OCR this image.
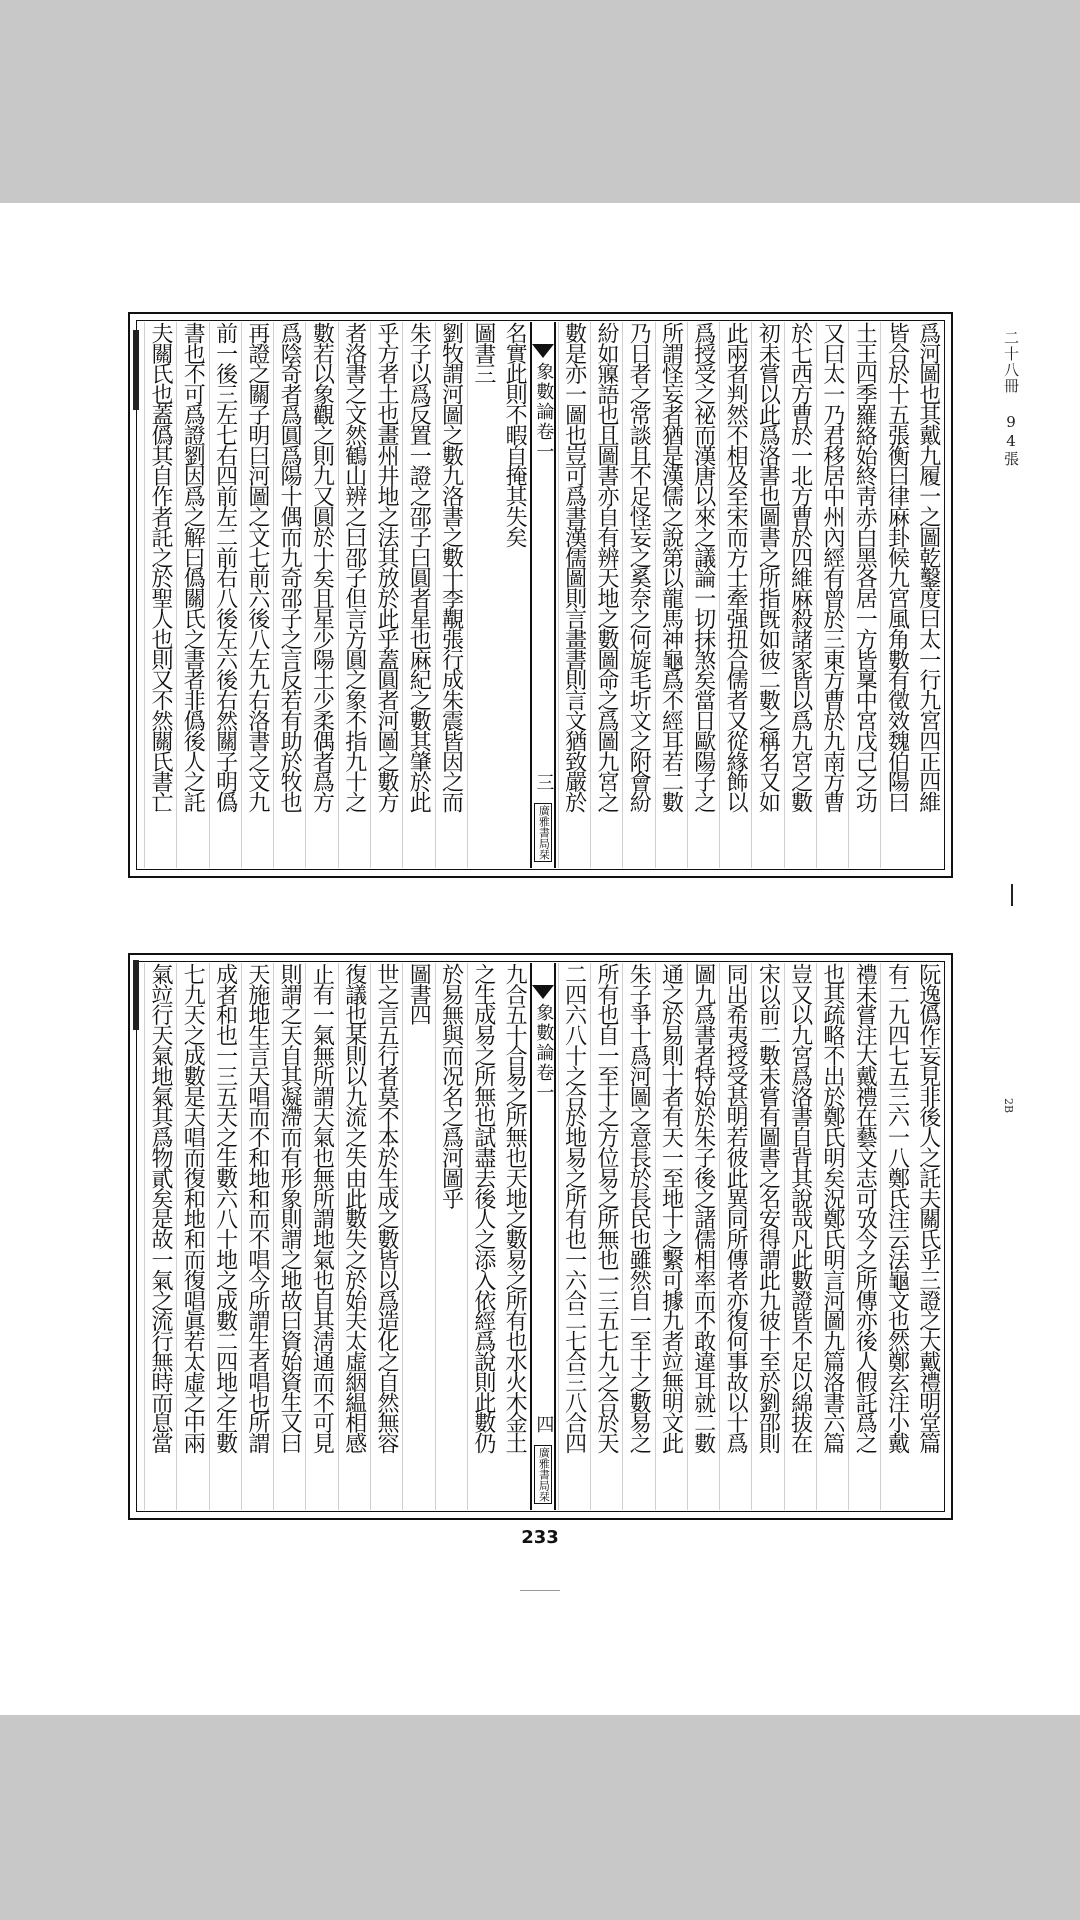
二十八冊 94張
2B
爲河圖也其戴九履一之圖乾鑿度曰太一行九宮四正四維
皆合於十五張衡曰律麻卦候九宮風角數有徵效魏伯陽曰
土王四季羅絡始終靑赤白黑各居一方皆稟中宮戊己之功
又曰太一乃君移居中州內經有曾於三東方曹於九南方曹
於七西方曹於一北方曹於四維麻殺諸家皆以爲九宮之數
初未嘗以此爲洛書也圖書之所指旣如彼二數之稱名又如
此兩者判然不相及至宋而方士牽强扭合儒者又從緣飾以
爲授受之祕而漢唐以來之議論一切抹煞矣當日歐陽子之
所謂怪妄者猶是漢儒之說第以龍馬神龜爲不經耳若二數
乃日者之常談且不足怪妄之奚奈之何旋毛圻文之附會紛
紛如寱語也且圖書亦自有辨天地之數圖命之爲圖九宮之
數是亦一圖也豈可爲書漢儒圖則言畫書則言文猶致嚴於
象數論卷一
三
廣雅書局栞
名實此則不暇自掩其失矣
圖書三
劉牧謂河圖之數九洛書之數十李覯張行成朱震皆因之而
朱子以爲反置一證之邵子曰圓者星也麻紀之數其肇於此
乎方者土也畫州井地之法其放於此乎蓋圓者河圖之數方
者洛書之文然鶴山辨之曰邵子但言方圓之象不指九十之
數若以象觀之則九又圓於十矣且星少陽土少柔偶者爲方
爲陰奇者爲圓爲陽十偶而九奇邵子之言反若有助於牧也
再證之關子明曰河圖之文七前六後八左九右洛書之文九
前一後三左七右四前左二前右八後左六後右然關子明僞
書也不可爲證劉因爲之解曰僞關氏之書者非僞後人之託
夫關氏也蓋僞其自作者託之於聖人也則又不然關氏書亡
阮逸僞作妄見非後人之託夫關氏乎三證之大戴禮明堂篇
有二九四七五三六一八鄭氏注云法龜文也然鄭玄注小戴
禮未嘗注大戴禮在藝文志可攷今之所傳亦後人假託爲之
也其疏略不出於鄭氏明矣況鄭氏明言河圖九篇洛書六篇
豈又以九宮爲洛書自背其說哉凡此數證皆不足以綿拔在
宋以前二數未嘗有圖書之名安得謂此九彼十至於劉邵則
同出希夷授受甚明若彼此異同所傳者亦復何事故以十爲
圖九爲書者特始於朱子後之諸儒相率而不敢違耳就二數
通之於易則十者有天一至地十之繫可據九者竝無明文此
朱子爭十爲河圖之意長於長民也雖然自一至十之數易之
所有也自一至十之方位易之所無也一三五七九之合於天
二四六八十之合於地易之所有也一六合二七合三八合四
象數論卷一
四
廣雅書局栞
九合五十合易之所無也天地之數易之所有也水火木金土
之生成易之所無也試盡去後人之添入依經爲說則此數仍
於易無與而况名之爲河圖乎
圖書四
世之言五行者莫不本於生成之數皆以爲造化之自然無容
復議也某則以九流之失由此數失之於始夫太虛絪緼相感
止有一氣無所謂天氣也無所謂地氣也自其淸通而不可見
則謂之天自其凝滯而有形象則謂之地故曰資始資生又曰
天施地生言天唱而不和地和而不唱今所謂生者唱也所謂
成者和也一三五天之生數六八十地之成數二四地之生數
七九天之成數是天唱而復和地和而復唱眞若太虛之中兩
氣竝行天氣地氣其爲物貳矣是故一氣之流行無時而息當
233
